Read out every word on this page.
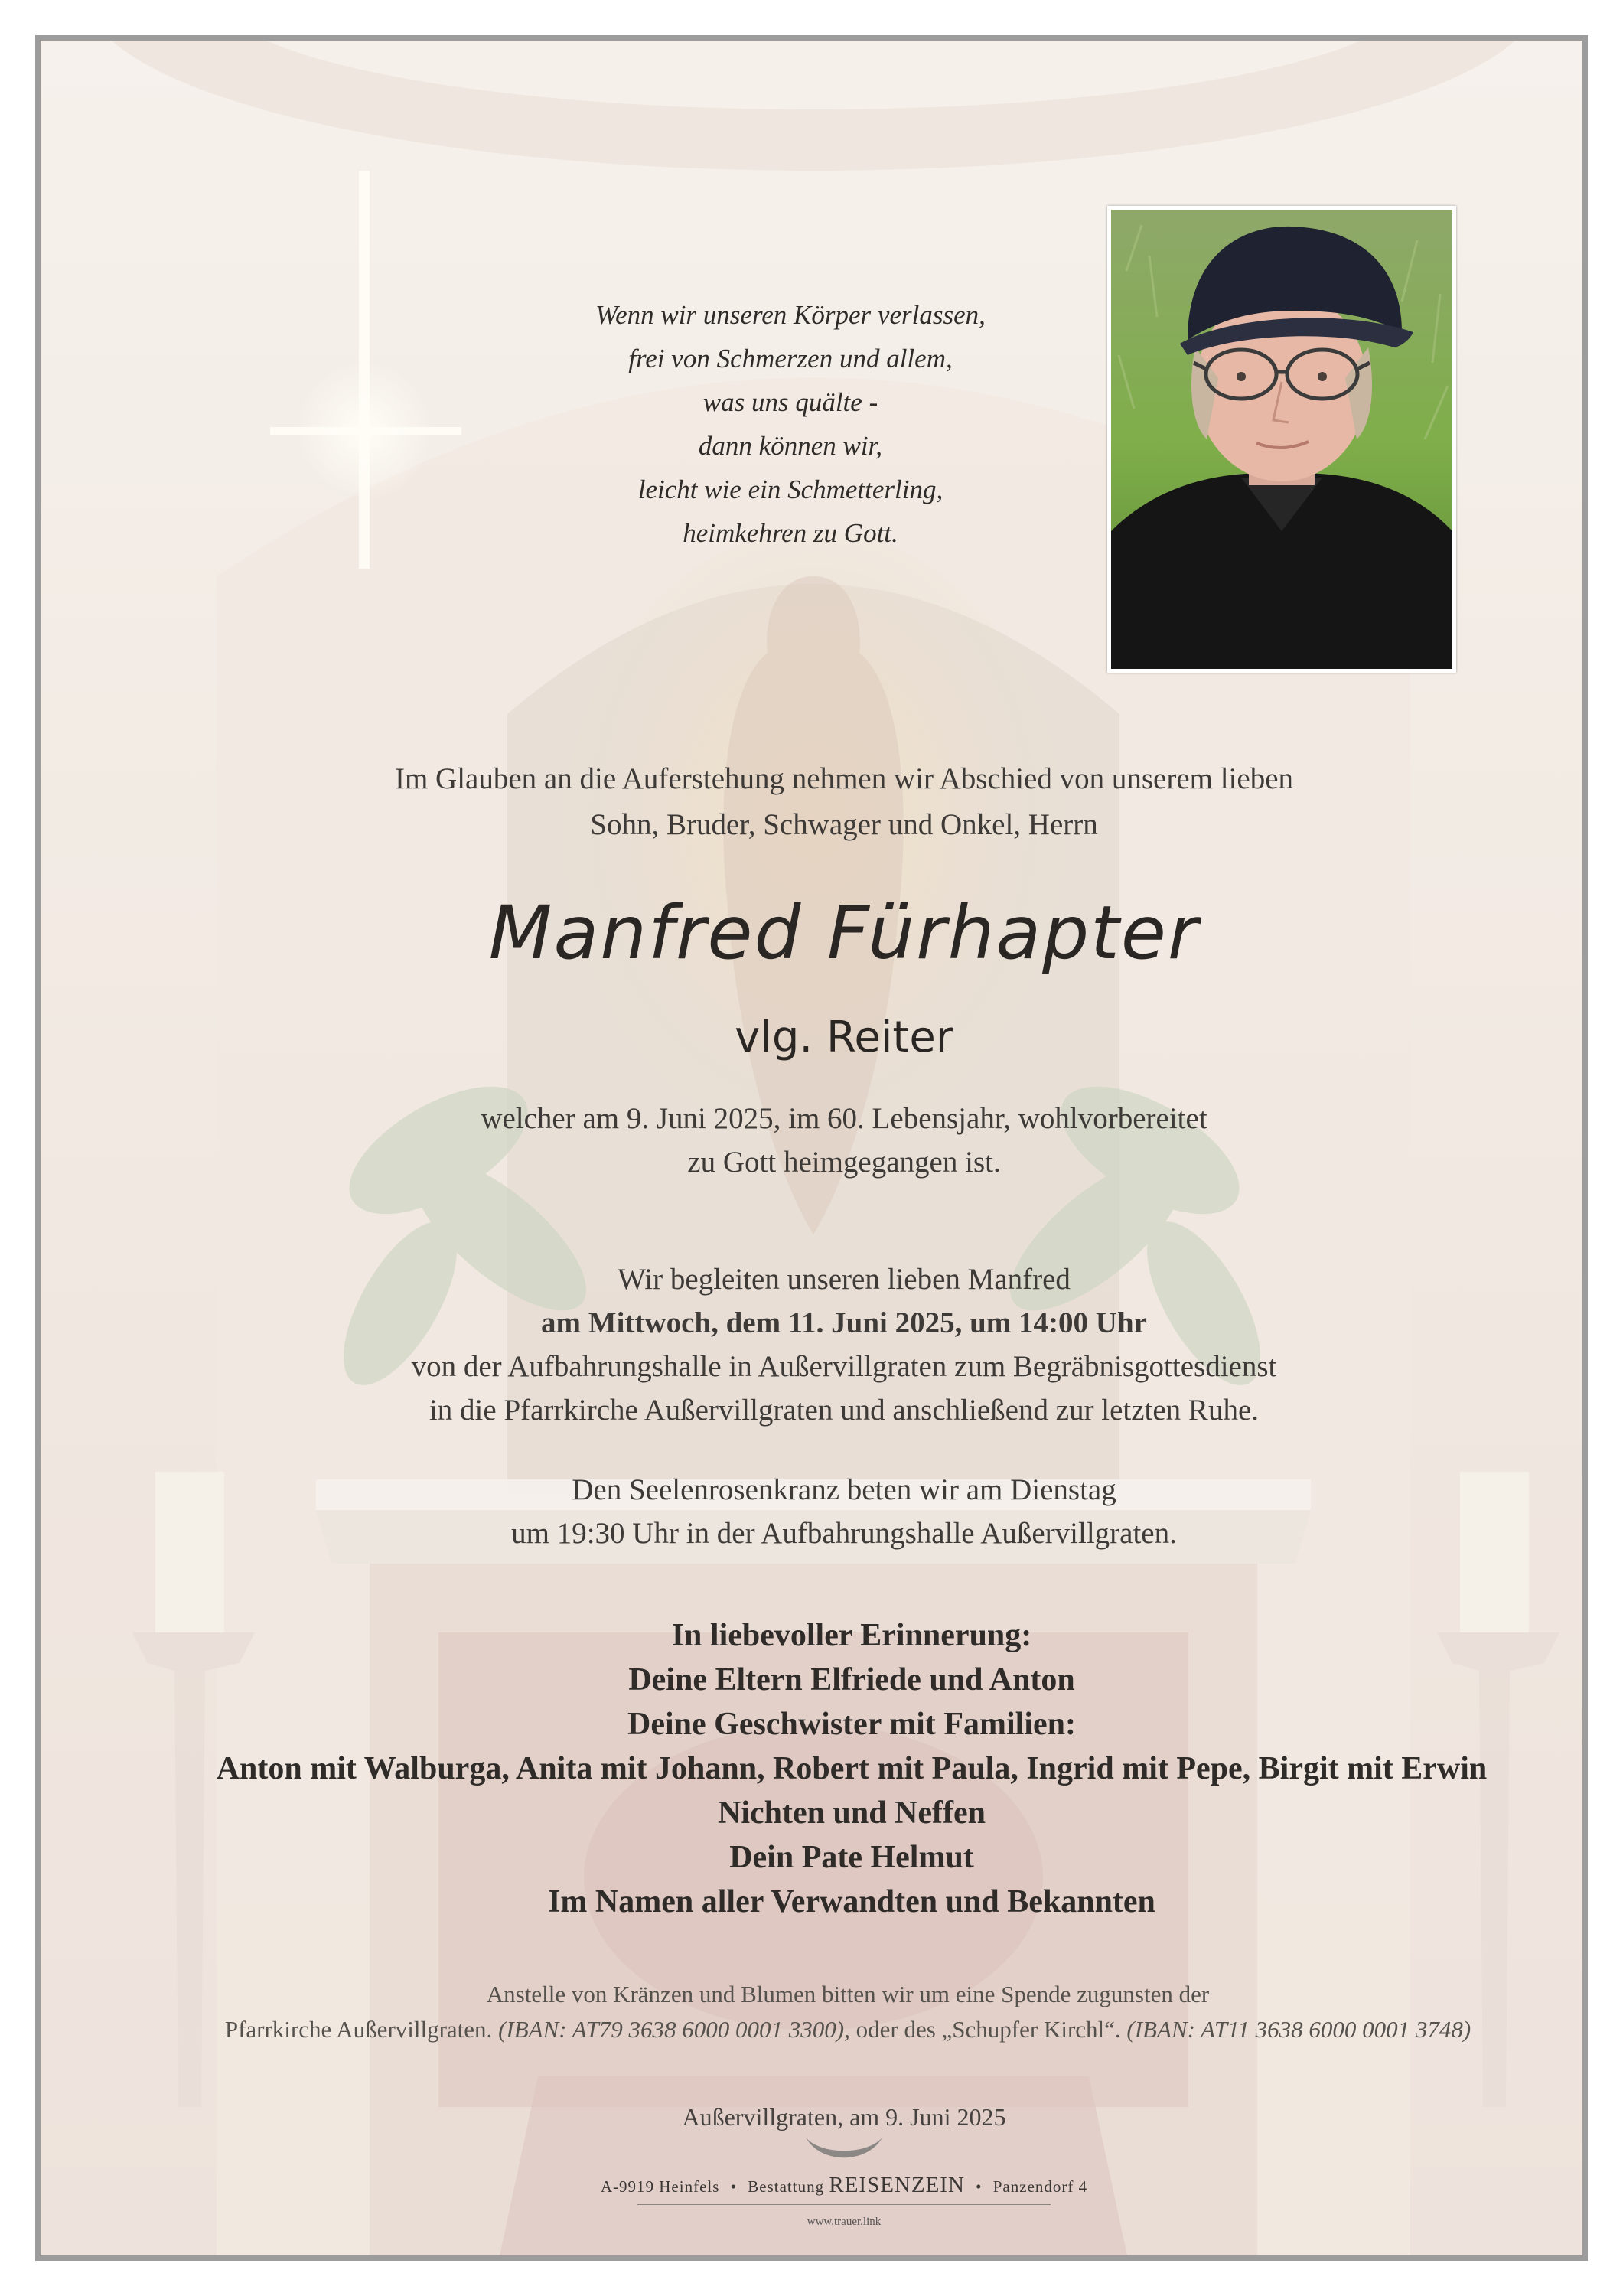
Wenn wir unseren Körper verlassen,
frei von Schmerzen und allem,
was uns quälte -
dann können wir,
leicht wie ein Schmetterling,
heimkehren zu Gott.
Im Glauben an die Auferstehung nehmen wir Abschied von unserem lieben
Sohn, Bruder, Schwager und Onkel, Herrn
Manfred Fürhapter
vlg. Reiter
welcher am 9. Juni 2025, im 60. Lebensjahr, wohlvorbereitet
zu Gott heimgegangen ist.
Wir begleiten unseren lieben Manfred
am Mittwoch, dem 11. Juni 2025, um 14:00 Uhr
von der Aufbahrungshalle in Außervillgraten zum Begräbnisgottesdienst
in die Pfarrkirche Außervillgraten und anschließend zur letzten Ruhe.
Den Seelenrosenkranz beten wir am Dienstag
um 19:30 Uhr in der Aufbahrungshalle Außervillgraten.
In liebevoller Erinnerung:
Deine Eltern Elfriede und Anton
Deine Geschwister mit Familien:
Anton mit Walburga, Anita mit Johann, Robert mit Paula, Ingrid mit Pepe, Birgit mit Erwin
Nichten und Neffen
Dein Pate Helmut
Im Namen aller Verwandten und Bekannten
Anstelle von Kränzen und Blumen bitten wir um eine Spende zugunsten der
Pfarrkirche Außervillgraten. (IBAN: AT79 3638 6000 0001 3300), oder des „Schupfer Kirchl“. (IBAN: AT11 3638 6000 0001 3748)
Außervillgraten, am 9. Juni 2025
A-9919 Heinfels • Bestattung REISENZEIN • Panzendorf 4
www.trauer.link
